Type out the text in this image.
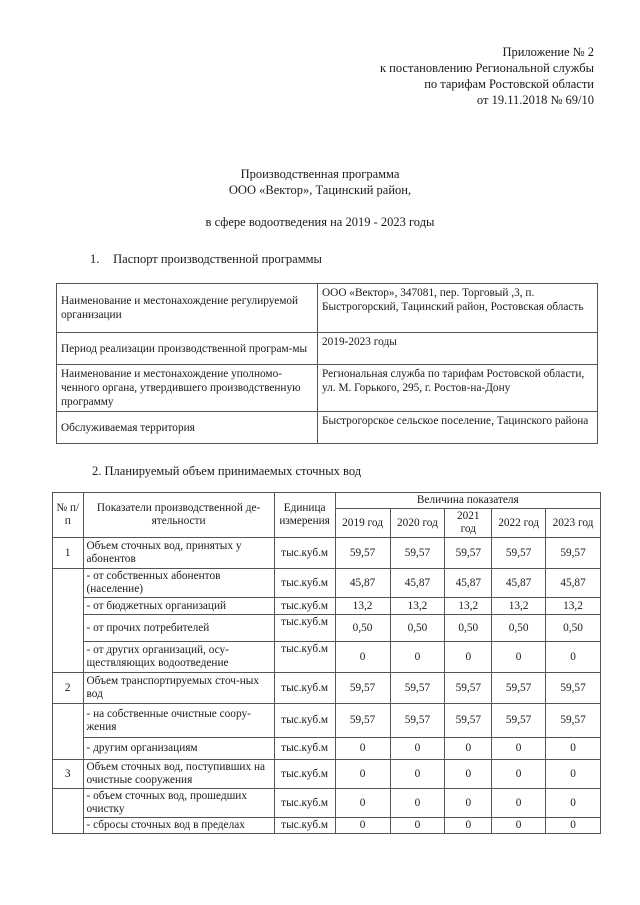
Приложение № 2
к постановлению Региональной службы
по тарифам Ростовской области
от 19.11.2018 № 69/10
Производственная программа
ООО «Вектор», Тацинский район,
в сфере водоотведения на 2019 - 2023 годы
1. Паспорт производственной программы
Наименование и местонахождение регулируемой организации	ООО «Вектор», 347081, пер. Торговый ,3, п. Быстрогорский, Тацинский район, Ростовская область
Период реализации производственной програм-мы	2019-2023 годы
Наименование и местонахождение уполномо-ченного органа, утвердившего производственную программу	Региональная служба по тарифам Ростовской области, ул. М. Горького, 295, г. Ростов-на-Дону
Обслуживаемая территория	Быстрогорское сельское поселение, Тацинского района
2. Планируемый объем принимаемых сточных вод
№ п/п	Показатели производственной де-ятельности	Единица измерения	Величина показателя				
			2019 год	2020 год	2021 год	2022 год	2023 год
1	Объем сточных вод, принятых у абонентов	тыс.куб.м	59,57	59,57	59,57	59,57	59,57
	- от собственных абонентов (население)	тыс.куб.м	45,87	45,87	45,87	45,87	45,87
	- от бюджетных организаций	тыс.куб.м	13,2	13,2	13,2	13,2	13,2
	- от прочих потребителей	тыс.куб.м	0,50	0,50	0,50	0,50	0,50
	- от других организаций, осу-ществляющих водоотведение	тыс.куб.м	0	0	0	0	0
2	Объем транспортируемых сточ-ных вод	тыс.куб.м	59,57	59,57	59,57	59,57	59,57
	- на собственные очистные соору-жения	тыс.куб.м	59,57	59,57	59,57	59,57	59,57
	- другим организациям	тыс.куб.м	0	0	0	0	0
3	Объем сточных вод, поступивших на очистные сооружения	тыс.куб.м	0	0	0	0	0
	- объем сточных вод, прошедших очистку	тыс.куб.м	0	0	0	0	0
	- сбросы сточных вод в пределах	тыс.куб.м	0	0	0	0	0
